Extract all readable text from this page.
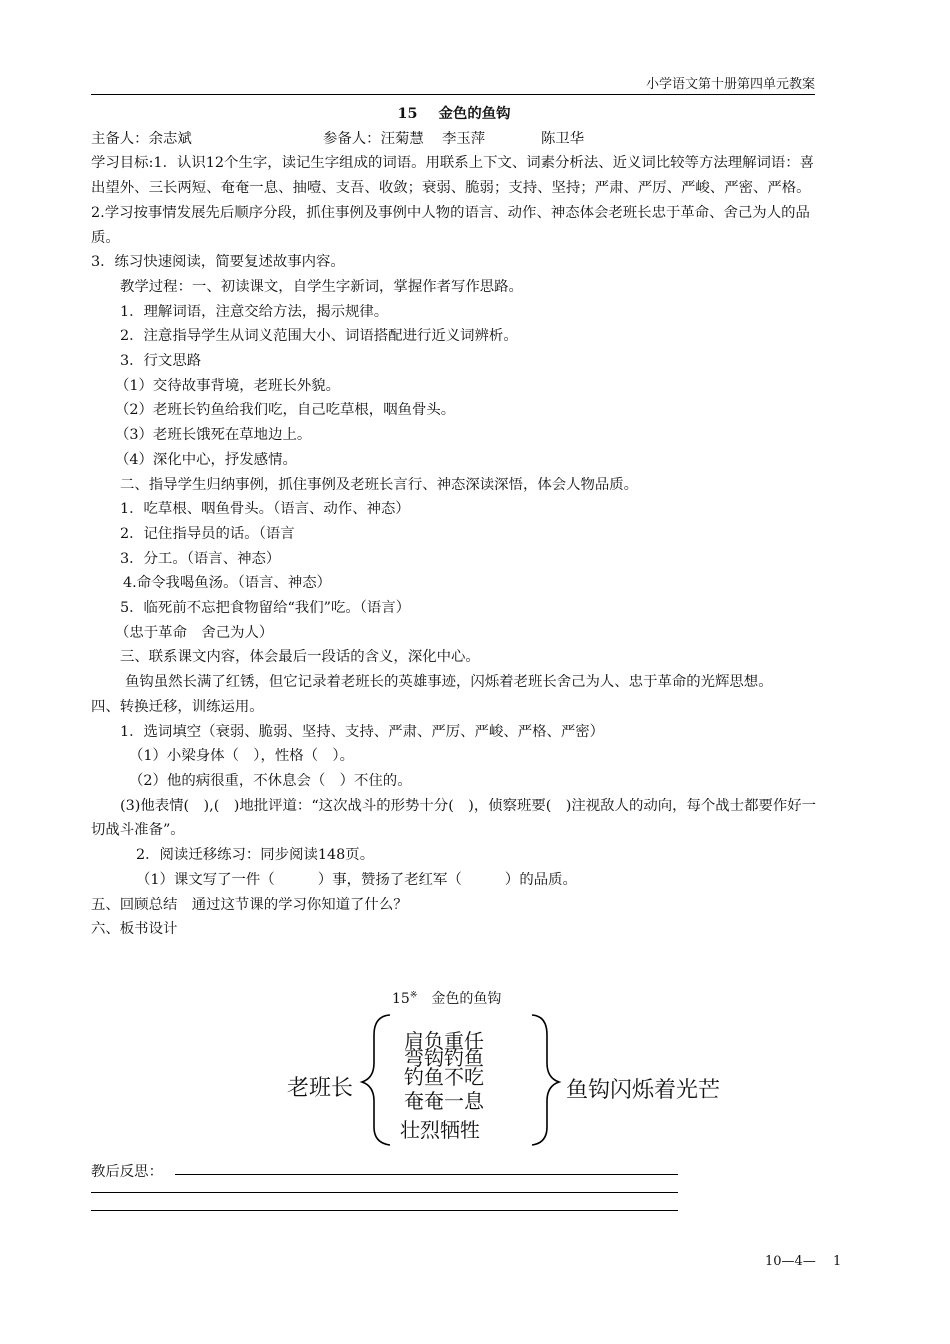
小学语文第十册第四单元教案
15 金色的鱼钩
主备人：余志斌	参备人：汪菊慧 李玉萍	陈卫华

学习目标:1．认识12个生字，读记生字组成的词语。用联系上下文、词素分析法、近义词比较等方法理解词语：喜出望外、三长两短、奄奄一息、抽噎、支吾、收敛；衰弱、脆弱；支持、坚持；严肃、严厉、严峻、严密、严格。

2.学习按事情发展先后顺序分段，抓住事例及事例中人物的语言、动作、神态体会老班长忠于革命、舍己为人的品质。

3．练习快速阅读，简要复述故事内容。

教学过程：一、初读课文，自学生字新词，掌握作者写作思路。

1．理解词语，注意交给方法，揭示规律。

2．注意指导学生从词义范围大小、词语搭配进行近义词辨析。

3．行文思路

（1）交待故事背境，老班长外貌。

（2）老班长钓鱼给我们吃，自己吃草根，咽鱼骨头。

（3）老班长饿死在草地边上。

（4）深化中心，抒发感情。

二、指导学生归纳事例，抓住事例及老班长言行、神态深读深悟，体会人物品质。

1．吃草根、咽鱼骨头。（语言、动作、神态）

2．记住指导员的话。（语言

3．分工。（语言、神态）

4.命令我喝鱼汤。（语言、神态）

5．临死前不忘把食物留给“我们”吃。（语言）

（忠于革命　舍己为人）

三、联系课文内容，体会最后一段话的含义，深化中心。

鱼钩虽然长满了红锈，但它记录着老班长的英雄事迹，闪烁着老班长舍己为人、忠于革命的光辉思想。

四、转换迁移，训练运用。

1．选词填空（衰弱、脆弱、坚持、支持、严肃、严厉、严峻、严格、严密）

（1）小梁身体（　），性格（　）。

（2）他的病很重，不休息会（　）不住的。

(3)他表情(　),(　)地批评道：“这次战斗的形势十分(　)，侦察班要(　)注视敌人的动向，每个战士都要作好一切战斗准备”。

2．阅读迁移练习：同步阅读148页。

（1）课文写了一件（　　　）事，赞扬了老红军（　　　）的品质。

五、回顾总结　通过这节课的学习你知道了什么？

六、板书设计

15※　 金色的鱼钩
老班长	鱼钩闪烁着光芒
肩负重任
弯钩钓鱼
钓鱼不吃
奄奄一息
壮烈牺牲
教后反思：
10—4—　 1
